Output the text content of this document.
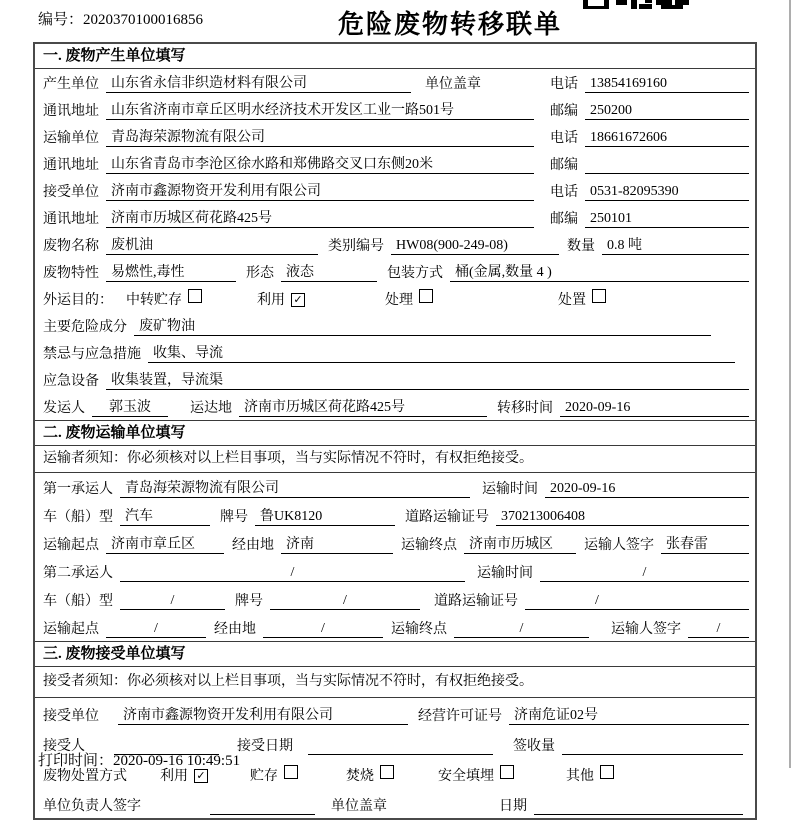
编号：2020370100016856	危险废物转移联单
一. 废物产生单位填写
产生单位 山东省永信非织造材料有限公司	单位盖章	电话 13854169160
通讯地址 山东省济南市章丘区明水经济技术开发区工业一路501号	邮编 250200
运输单位 青岛海荣源物流有限公司	电话 18661672606
通讯地址 山东省青岛市李沧区徐水路和郑佛路交叉口东侧20米	邮编
接受单位 济南市鑫源物资开发利用有限公司	电话 0531-82095390
通讯地址 济南市历城区荷花路425号	邮编 250101
废物名称 废机油	类别编号 HW08(900-249-08)	数量 0.8 吨
废物特性 易燃性,毒性	形态 液态	包装方式 桶(金属,数量 4 )
外运目的： 中转贮存	利用 ✓	处理	处置
主要危险成分 废矿物油
禁忌与应急措施 收集、导流
应急设备 收集装置，导流渠
发运人	郭玉波	运达地 济南市历城区荷花路425号	转移时间 2020-09-16
二. 废物运输单位填写
运输者须知：你必须核对以上栏目事项，当与实际情况不符时，有权拒绝接受。
第一承运人 青岛海荣源物流有限公司	运输时间 2020-09-16
车（船）型 汽车	牌号 鲁UK8120	道路运输证号 370213006408
运输起点 济南市章丘区	经由地 济南	运输终点 济南市历城区	运输人签字 张春雷
第二承运人	/	运输时间	/
车（船）型	/	牌号	/	道路运输证号	/
运输起点	/	经由地	/	运输终点	/	运输人签字	/
三. 废物接受单位填写
接受者须知：你必须核对以上栏目事项，当与实际情况不符时，有权拒绝接受。
接受单位	济南市鑫源物资开发利用有限公司	经营许可证号 济南危证02号
接受人	接受日期	签收量
废物处置方式 利用 ✓	贮存	焚烧	安全填埋	其他
单位负责人签字	单位盖章	日期
打印时间：2020-09-16 10:49:51
